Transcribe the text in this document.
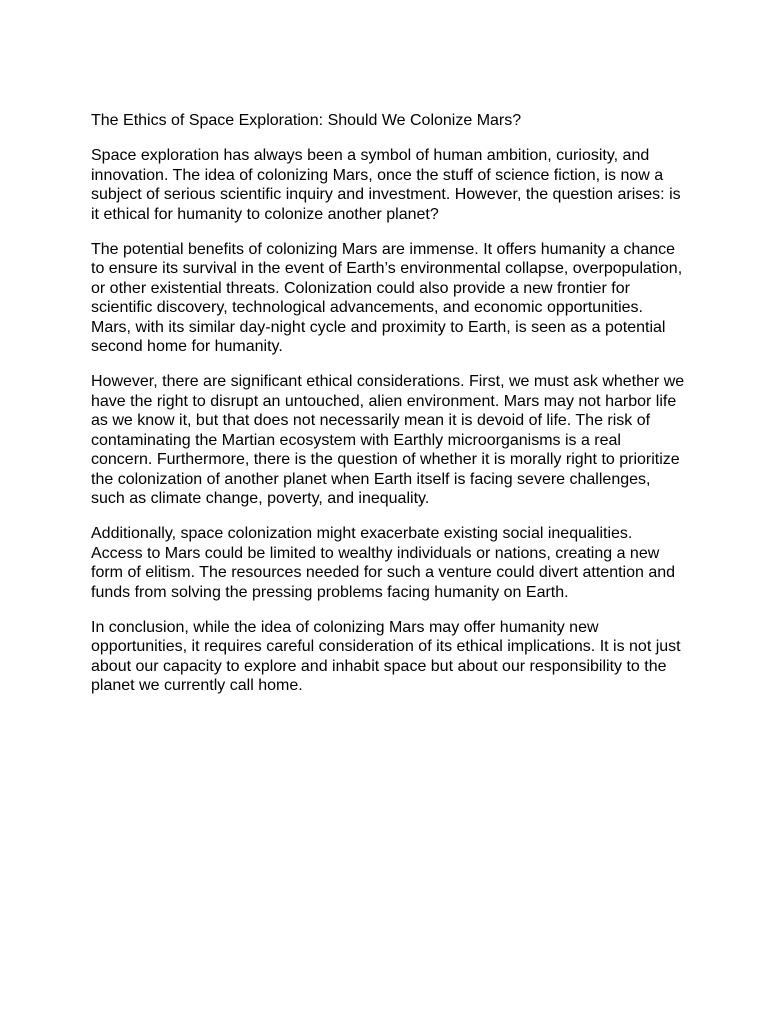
The Ethics of Space Exploration: Should We Colonize Mars?

Space exploration has always been a symbol of human ambition, curiosity, and innovation. The idea of colonizing Mars, once the stuff of science fiction, is now a subject of serious scientific inquiry and investment. However, the question arises: is it ethical for humanity to colonize another planet?

The potential benefits of colonizing Mars are immense. It offers humanity a chance to ensure its survival in the event of Earth’s environmental collapse, overpopulation, or other existential threats. Colonization could also provide a new frontier for scientific discovery, technological advancements, and economic opportunities. Mars, with its similar day-night cycle and proximity to Earth, is seen as a potential second home for humanity.

However, there are significant ethical considerations. First, we must ask whether we have the right to disrupt an untouched, alien environment. Mars may not harbor life as we know it, but that does not necessarily mean it is devoid of life. The risk of contaminating the Martian ecosystem with Earthly microorganisms is a real concern. Furthermore, there is the question of whether it is morally right to prioritize the colonization of another planet when Earth itself is facing severe challenges, such as climate change, poverty, and inequality.

Additionally, space colonization might exacerbate existing social inequalities. Access to Mars could be limited to wealthy individuals or nations, creating a new form of elitism. The resources needed for such a venture could divert attention and funds from solving the pressing problems facing humanity on Earth.

In conclusion, while the idea of colonizing Mars may offer humanity new opportunities, it requires careful consideration of its ethical implications. It is not just about our capacity to explore and inhabit space but about our responsibility to the planet we currently call home.
